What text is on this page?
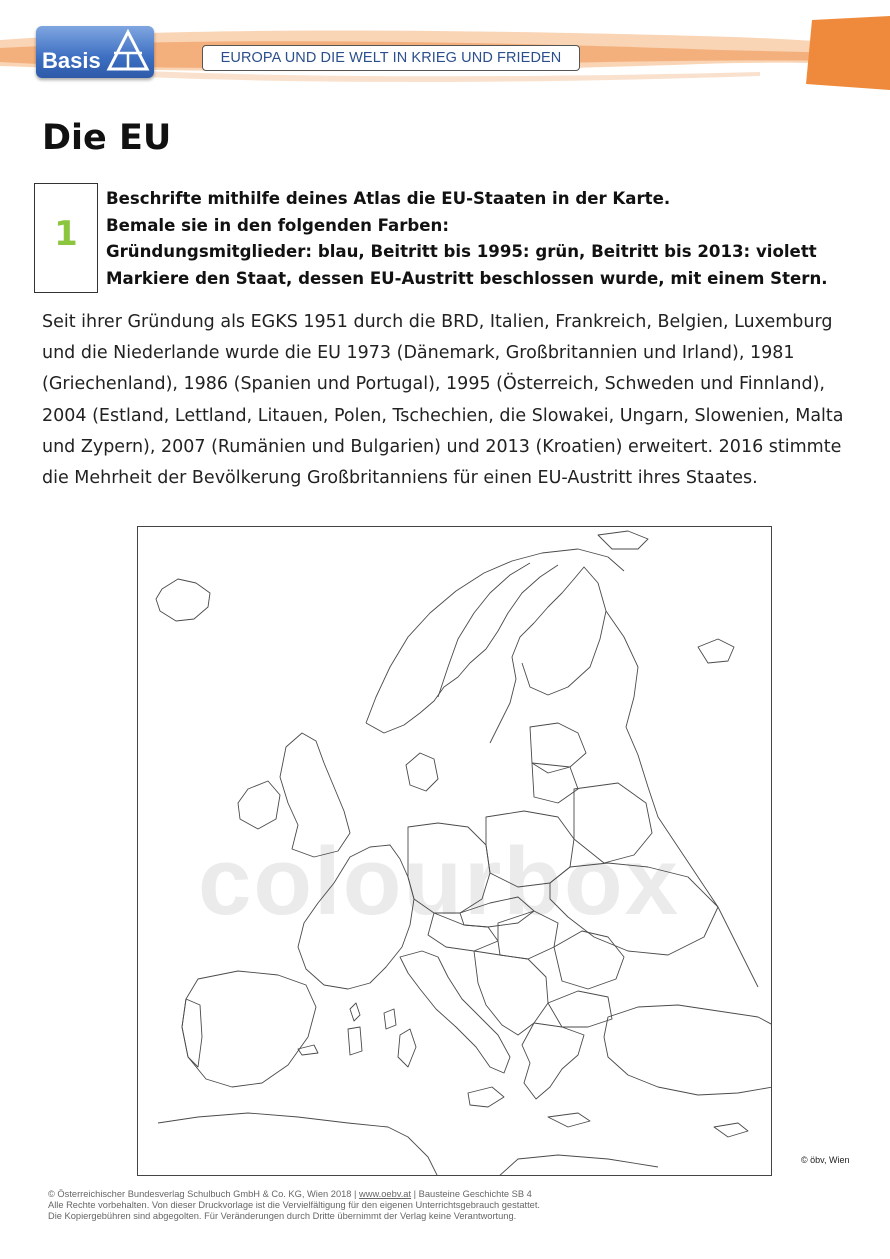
Basis	EUROPA UND DIE WELT IN KRIEG UND FRIEDEN
Die EU
1
Beschrifte mithilfe deines Atlas die EU-Staaten in der Karte.
Bemale sie in den folgenden Farben:
Gründungsmitglieder: blau, Beitritt bis 1995: grün, Beitritt bis 2013: violett
Markiere den Staat, dessen EU-Austritt beschlossen wurde, mit einem Stern.

Seit ihrer Gründung als EGKS 1951 durch die BRD, Italien, Frankreich, Belgien, Luxemburg und die Niederlande wurde die EU 1973 (Dänemark, Großbritannien und Irland), 1981 (Griechenland), 1986 (Spanien und Portugal), 1995 (Österreich, Schweden und Finnland), 2004 (Estland, Lettland, Litauen, Polen, Tschechien, die Slowakei, Ungarn, Slowenien, Malta und Zypern), 2007 (Rumänien und Bulgarien) und 2013 (Kroatien) erweitert. 2016 stimmte die Mehrheit der Bevölkerung Großbritanniens für einen EU-Austritt ihres Staates.

colourbox
© öbv, Wien
© Österreichischer Bundesverlag Schulbuch GmbH & Co. KG, Wien 2018 | www.oebv.at | Bausteine Geschichte SB 4
Alle Rechte vorbehalten. Von dieser Druckvorlage ist die Vervielfältigung für den eigenen Unterrichtsgebrauch gestattet.
Die Kopiergebühren sind abgegolten. Für Veränderungen durch Dritte übernimmt der Verlag keine Verantwortung.
